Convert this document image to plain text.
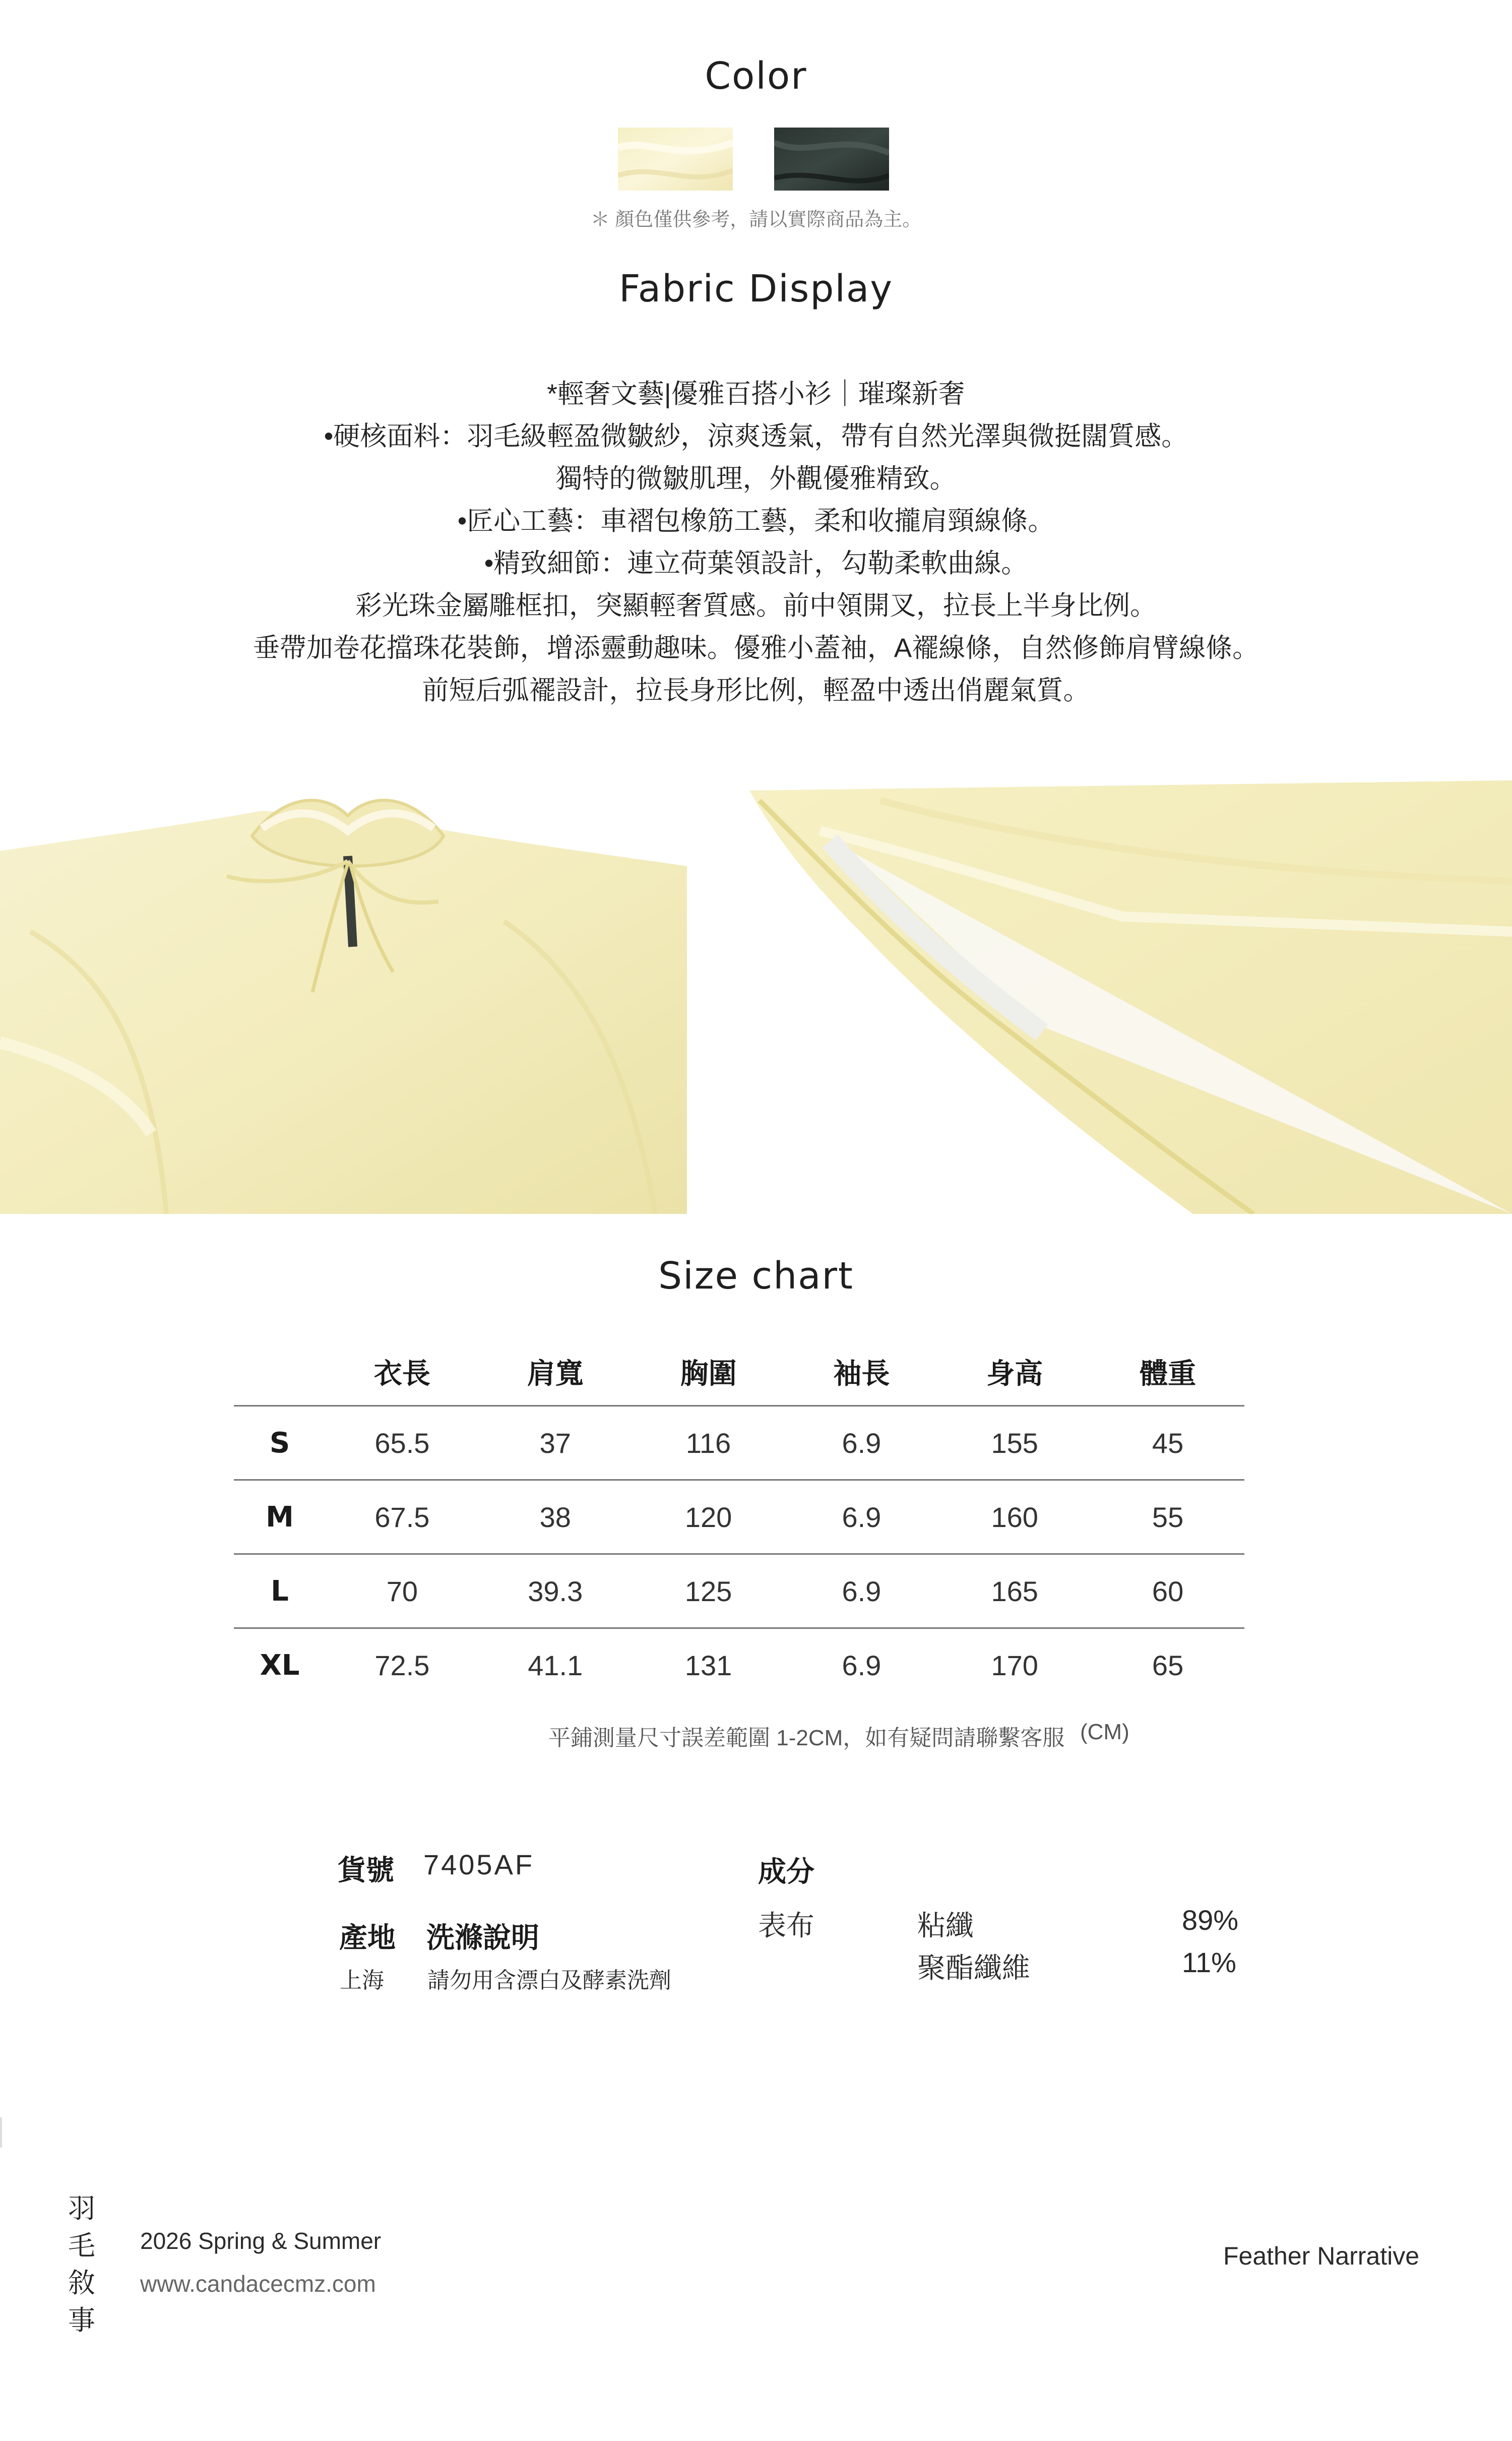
Color
＊ 顏色僅供參考，請以實際商品為主。
Fabric Display
*輕奢文藝|優雅百搭小衫｜璀璨新奢
•硬核面料：羽毛級輕盈微皺紗，涼爽透氣，帶有自然光澤與微挺闊質感。
獨特的微皺肌理，外觀優雅精致。
•匠心工藝：車褶包橡筋工藝，柔和收攏肩頸線條。
•精致細節：連立荷葉領設計，勾勒柔軟曲線。
彩光珠金屬雕框扣，突顯輕奢質感。前中領開叉，拉長上半身比例。
垂帶加卷花擋珠花裝飾，增添靈動趣味。優雅小蓋袖，A襬線條，自然修飾肩臂線條。
前短后弧襬設計，拉長身形比例，輕盈中透出俏麗氣質。
Size chart
	衣長	肩寬	胸圍	袖長	身高	體重
S	65.5	37	116	6.9	155	45
M	67.5	38	120	6.9	160	55
L	70	39.3	125	6.9	165	60
XL	72.5	41.1	131	6.9	170	65
平鋪測量尺寸誤差範圍 1-2CM，如有疑問請聯繫客服 (CM)
貨號 7405AF
產地 洗滌說明
上海 請勿用含漂白及酵素洗劑
成分
表布	粘纖	89%
聚酯纖維	11%
羽
毛
敘
事
2026 Spring & Summer
www.candacecmz.com
Feather Narrative
